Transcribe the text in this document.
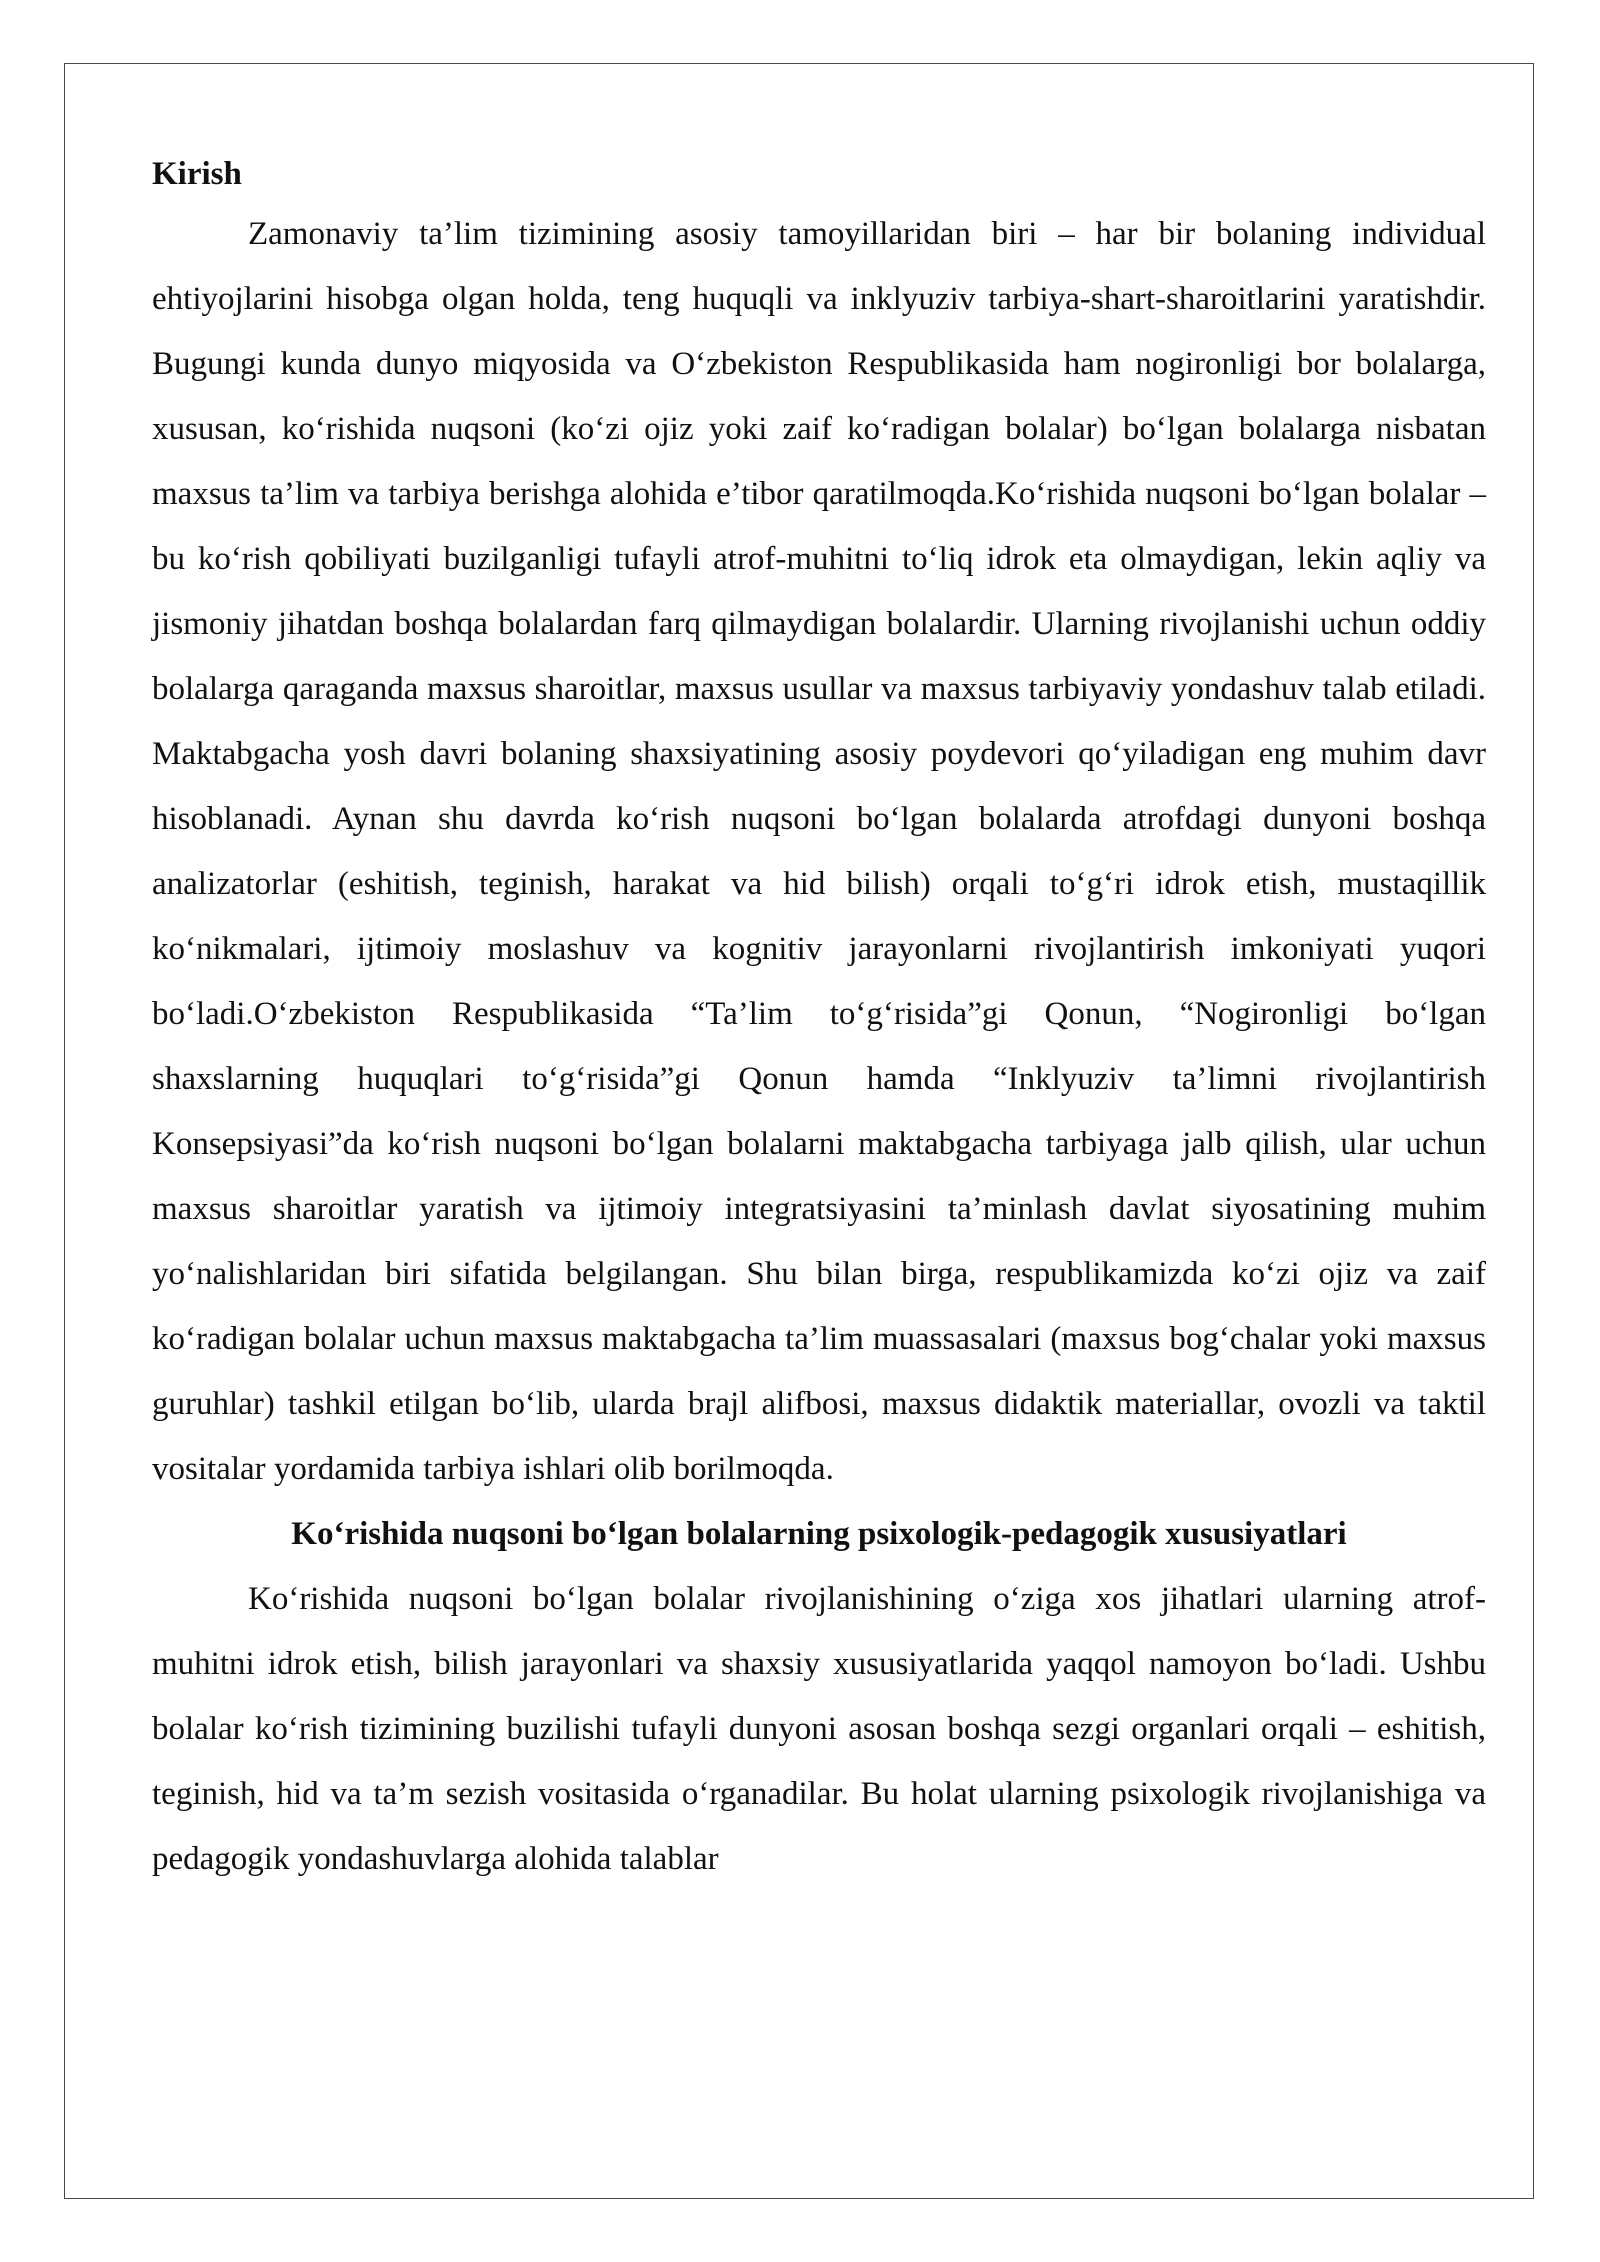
Kirish

Zamonaviy ta’lim tizimining asosiy tamoyillaridan biri – har bir bolaning individual ehtiyojlarini hisobga olgan holda, teng huquqli va inklyuziv tarbiya-shart-sharoitlarini yaratishdir. Bugungi kunda dunyo miqyosida va O‘zbekiston Respublikasida ham nogironligi bor bolalarga, xususan, ko‘rishida nuqsoni (ko‘zi ojiz yoki zaif ko‘radigan bolalar) bo‘lgan bolalarga nisbatan maxsus ta’lim va tarbiya berishga alohida e’tibor qaratilmoqda.Ko‘rishida nuqsoni bo‘lgan bolalar – bu ko‘rish qobiliyati buzilganligi tufayli atrof-muhitni to‘liq idrok eta olmaydigan, lekin aqliy va jismoniy jihatdan boshqa bolalardan farq qilmaydigan bolalardir. Ularning rivojlanishi uchun oddiy bolalarga qaraganda maxsus sharoitlar, maxsus usullar va maxsus tarbiyaviy yondashuv talab etiladi. Maktabgacha yosh davri bolaning shaxsiyatining asosiy poydevori qo‘yiladigan eng muhim davr hisoblanadi. Aynan shu davrda ko‘rish nuqsoni bo‘lgan bolalarda atrofdagi dunyoni boshqa analizatorlar (eshitish, teginish, harakat va hid bilish) orqali to‘g‘ri idrok etish, mustaqillik ko‘nikmalari, ijtimoiy moslashuv va kognitiv jarayonlarni rivojlantirish imkoniyati yuqori bo‘ladi.O‘zbekiston Respublikasida “Ta’lim to‘g‘risida”gi Qonun, “Nogironligi bo‘lgan shaxslarning huquqlari to‘g‘risida”gi Qonun hamda “Inklyuziv ta’limni rivojlantirish Konsepsiyasi”da ko‘rish nuqsoni bo‘lgan bolalarni maktabgacha tarbiyaga jalb qilish, ular uchun maxsus sharoitlar yaratish va ijtimoiy integratsiyasini ta’minlash davlat siyosatining muhim yo‘nalishlaridan biri sifatida belgilangan. Shu bilan birga, respublikamizda ko‘zi ojiz va zaif ko‘radigan bolalar uchun maxsus maktabgacha ta’lim muassasalari (maxsus bog‘chalar yoki maxsus guruhlar) tashkil etilgan bo‘lib, ularda brajl alifbosi, maxsus didaktik materiallar, ovozli va taktil vositalar yordamida tarbiya ishlari olib borilmoqda.

Ko‘rishida nuqsoni bo‘lgan bolalarning psixologik-pedagogik xususiyatlari

Ko‘rishida nuqsoni bo‘lgan bolalar rivojlanishining o‘ziga xos jihatlari ularning atrof-muhitni idrok etish, bilish jarayonlari va shaxsiy xususiyatlarida yaqqol namoyon bo‘ladi. Ushbu bolalar ko‘rish tizimining buzilishi tufayli dunyoni asosan boshqa sezgi organlari orqali – eshitish, teginish, hid va ta’m sezish vositasida o‘rganadilar. Bu holat ularning psixologik rivojlanishiga va pedagogik yondashuvlarga alohida talablar
